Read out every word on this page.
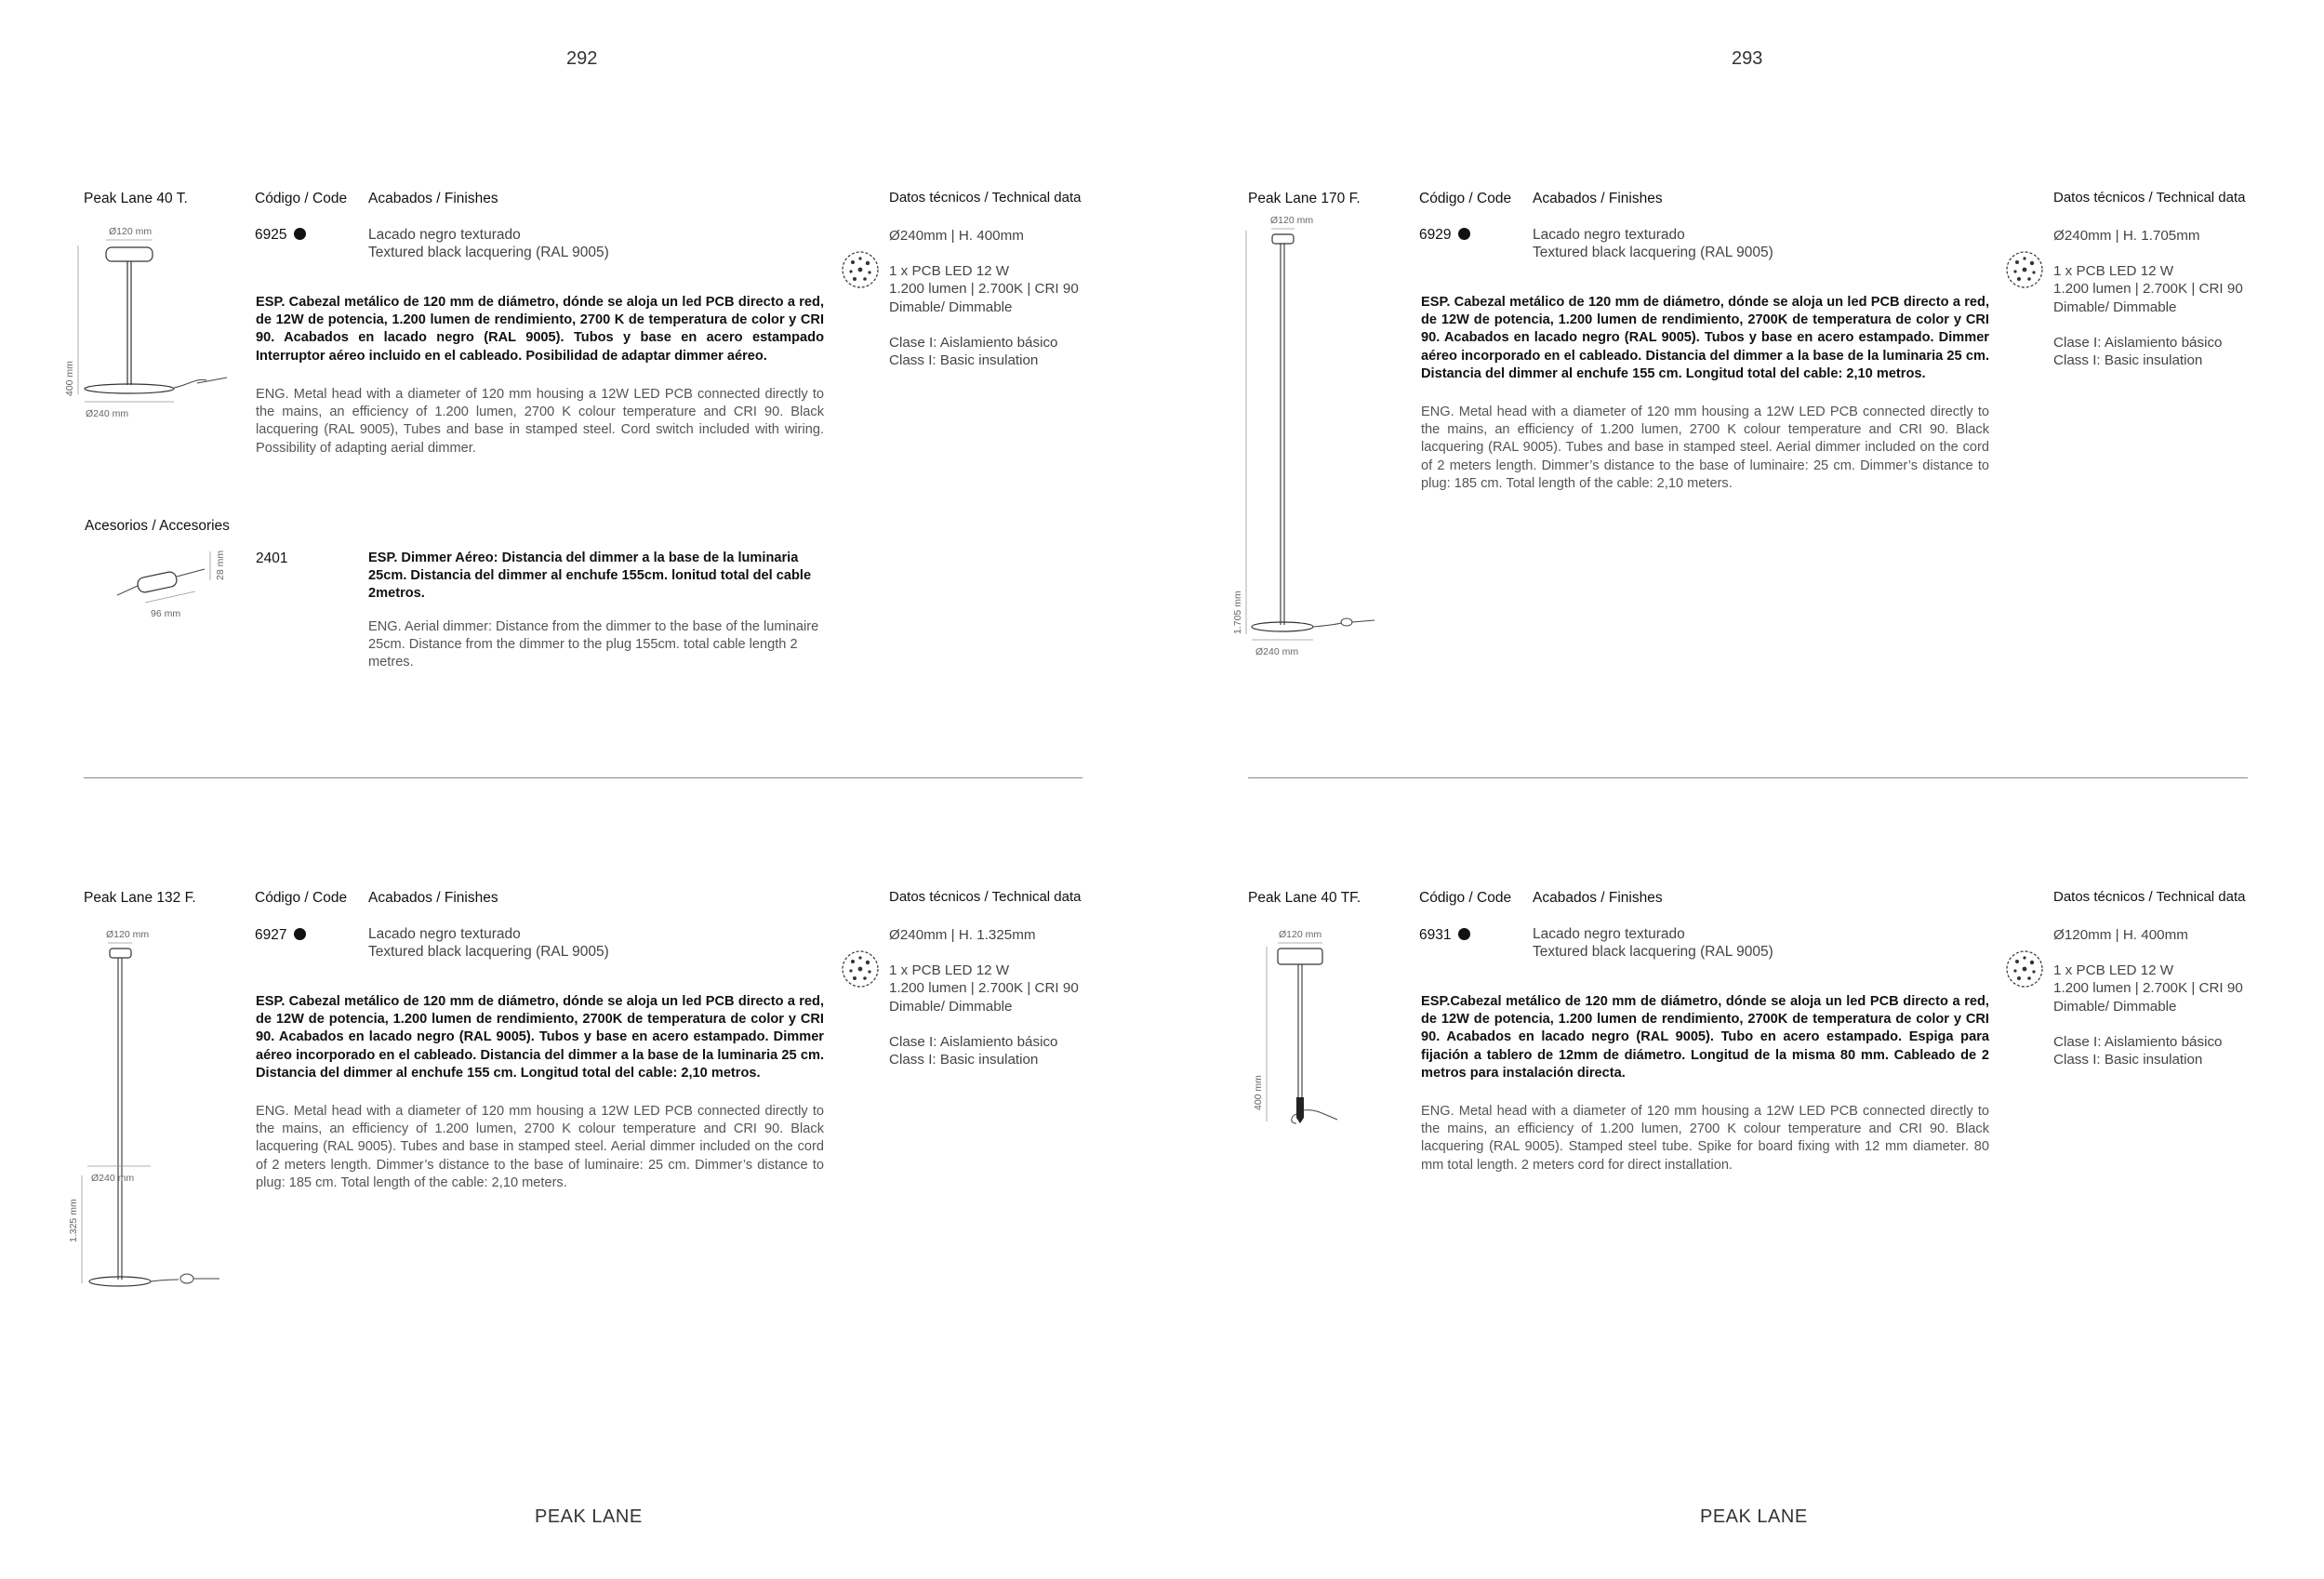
292	293
Peak Lane 40 T.	Código / Code Acabados / Finishes	Datos técnicos / Technical data
Ø120 mm
Ø240 mm
400 mm
6925	Lacado negro texturado
Textured black lacquering (RAL 9005)
ESP. Cabezal metálico de 120 mm de diámetro, dónde se aloja un led PCB directo a red, de 12W de potencia, 1.200 lumen de rendimiento, 2700 K de temperatura de color y CRI 90. Acabados en lacado negro (RAL 9005). Tubos y base en acero estampado Interruptor aéreo incluido en el cableado. Posibilidad de adaptar dimmer aéreo.
ENG. Metal head with a diameter of 120 mm housing a 12W LED PCB connected directly to the mains, an efficiency of 1.200 lumen, 2700 K colour temperature and CRI 90. Black lacquering (RAL 9005), Tubes and base in stamped steel. Cord switch included with wiring. Possibility of adapting aerial dimmer.
Ø240mm | H. 400mm
1 x PCB LED 12 W
1.200 lumen | 2.700K | CRI 90
Dimable/ Dimmable
Clase I: Aislamiento básico
Class I: Basic insulation
Acesorios / Accesories
28 mm
96 mm
2401	ESP. Dimmer Aéreo: Distancia del dimmer a la base de la luminaria 25cm. Distancia del dimmer al enchufe 155cm. lonitud total del cable 2metros.
ENG. Aerial dimmer: Distance from the dimmer to the base of the luminaire 25cm. Distance from the dimmer to the plug 155cm. total cable length 2 metres.
Peak Lane 170 F.	Código / Code Acabados / Finishes	Datos técnicos / Technical data
Ø120 mm
Ø240 mm
1.705 mm
6929	Lacado negro texturado
Textured black lacquering (RAL 9005)
ESP. Cabezal metálico de 120 mm de diámetro, dónde se aloja un led PCB directo a red, de 12W de potencia, 1.200 lumen de rendimiento, 2700K de temperatura de color y CRI 90. Acabados en lacado negro (RAL 9005). Tubos y base en acero estampado. Dimmer aéreo incorporado en el cableado. Distancia del dimmer a la base de la luminaria 25 cm. Distancia del dimmer al enchufe 155 cm. Longitud total del cable: 2,10 metros.
ENG. Metal head with a diameter of 120 mm housing a 12W LED PCB connected directly to the mains, an efficiency of 1.200 lumen, 2700 K colour temperature and CRI 90. Black lacquering (RAL 9005). Tubes and base in stamped steel. Aerial dimmer included on the cord of 2 meters length. Dimmer’s distance to the base of luminaire: 25 cm. Dimmer’s distance to plug: 185 cm. Total length of the cable: 2,10 meters.
Ø240mm | H. 1.705mm
1 x PCB LED 12 W
1.200 lumen | 2.700K | CRI 90
Dimable/ Dimmable
Clase I: Aislamiento básico
Class I: Basic insulation
Peak Lane 132 F.	Código / Code Acabados / Finishes	Datos técnicos / Technical data
Ø120 mm
Ø240 mm
1.325 mm
6927	Lacado negro texturado
Textured black lacquering (RAL 9005)
ESP. Cabezal metálico de 120 mm de diámetro, dónde se aloja un led PCB directo a red, de 12W de potencia, 1.200 lumen de rendimiento, 2700K de temperatura de color y CRI 90. Acabados en lacado negro (RAL 9005). Tubos y base en acero estampado. Dimmer aéreo incorporado en el cableado. Distancia del dimmer a la base de la luminaria 25 cm. Distancia del dimmer al enchufe 155 cm. Longitud total del cable: 2,10 metros.
ENG. Metal head with a diameter of 120 mm housing a 12W LED PCB connected directly to the mains, an efficiency of 1.200 lumen, 2700 K colour temperature and CRI 90. Black lacquering (RAL 9005). Tubes and base in stamped steel. Aerial dimmer included on the cord of 2 meters length. Dimmer’s distance to the base of luminaire: 25 cm. Dimmer’s distance to plug: 185 cm. Total length of the cable: 2,10 meters.
Ø240mm | H. 1.325mm
1 x PCB LED 12 W
1.200 lumen | 2.700K | CRI 90
Dimable/ Dimmable
Clase I: Aislamiento básico
Class I: Basic insulation
Peak Lane 40 TF.	Código / Code Acabados / Finishes	Datos técnicos / Technical data
Ø120 mm
400 mm
6931	Lacado negro texturado
Textured black lacquering (RAL 9005)
ESP.Cabezal metálico de 120 mm de diámetro, dónde se aloja un led PCB directo a red, de 12W de potencia, 1.200 lumen de rendimiento, 2700K de temperatura de color y CRI 90. Acabados en lacado negro (RAL 9005). Tubo en acero estampado. Espiga para fijación a tablero de 12mm de diámetro. Longitud de la misma 80 mm. Cableado de 2 metros para instalación directa.
ENG. Metal head with a diameter of 120 mm housing a 12W LED PCB connected directly to the mains, an efficiency of 1.200 lumen, 2700 K colour temperature and CRI 90. Black lacquering (RAL 9005). Stamped steel tube. Spike for board fixing with 12 mm diameter. 80 mm total length. 2 meters cord for direct installation.
Ø120mm | H. 400mm
1 x PCB LED 12 W
1.200 lumen | 2.700K | CRI 90
Dimable/ Dimmable
Clase I: Aislamiento básico
Class I: Basic insulation
PEAK LANE	PEAK LANE
